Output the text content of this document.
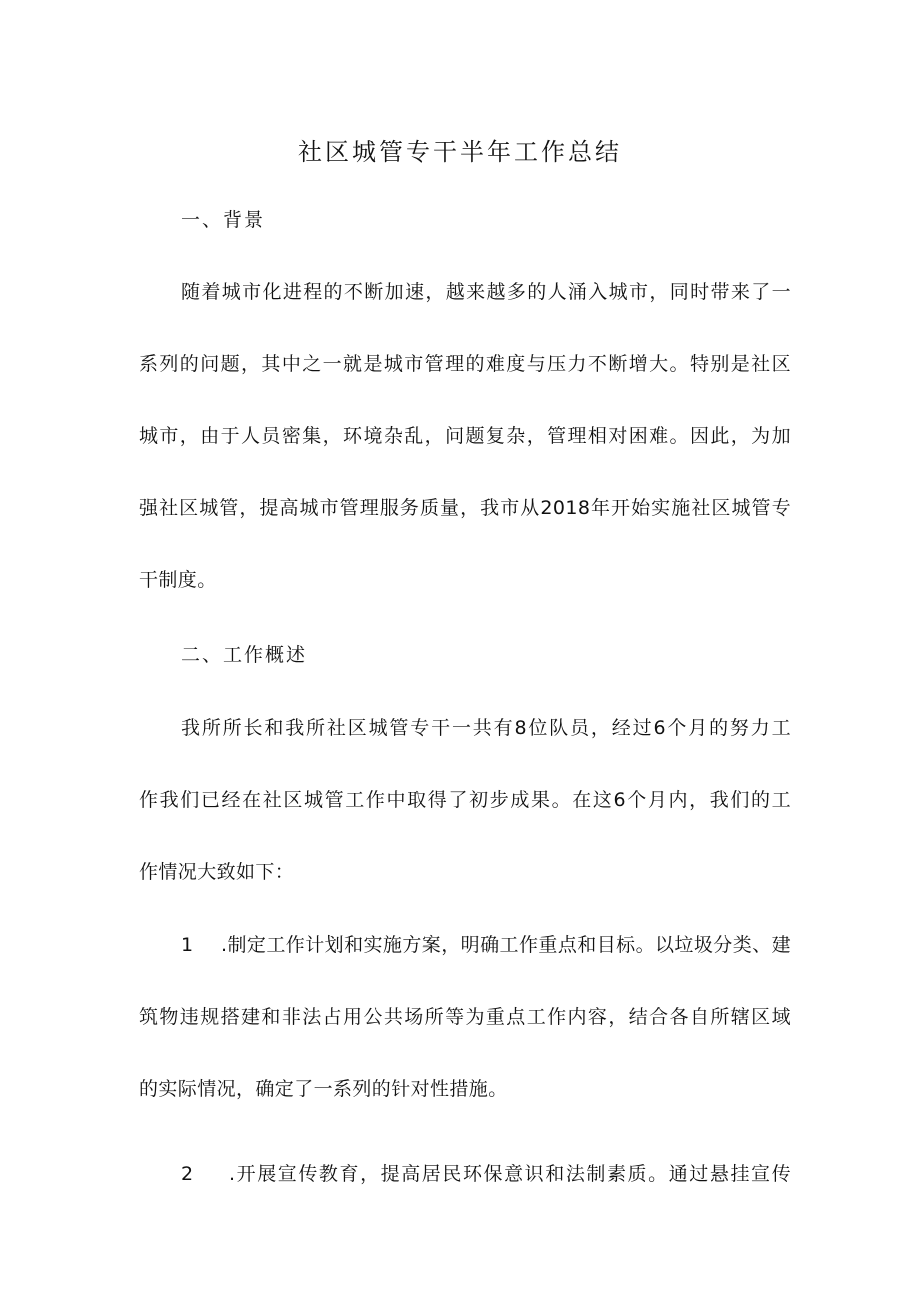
社区城管专干半年工作总结

一、背景

随着城市化进程的不断加速，越来越多的人涌入城市，同时带来了一

系列的问题，其中之一就是城市管理的难度与压力不断增大。特别是社区

城市，由于人员密集，环境杂乱，问题复杂，管理相对困难。因此，为加

强社区城管，提高城市管理服务质量，我市从2018年开始实施社区城管专

干制度。

二、工作概述

我所所长和我所社区城管专干一共有8位队员，经过6个月的努力工

作我们已经在社区城管工作中取得了初步成果。在这6个月内，我们的工

作情况大致如下：

1	.制定工作计划和实施方案，明确工作重点和目标。以垃圾分类、建

筑物违规搭建和非法占用公共场所等为重点工作内容，结合各自所辖区域

的实际情况，确定了一系列的针对性措施。

2	.开展宣传教育，提高居民环保意识和法制素质。通过悬挂宣传
